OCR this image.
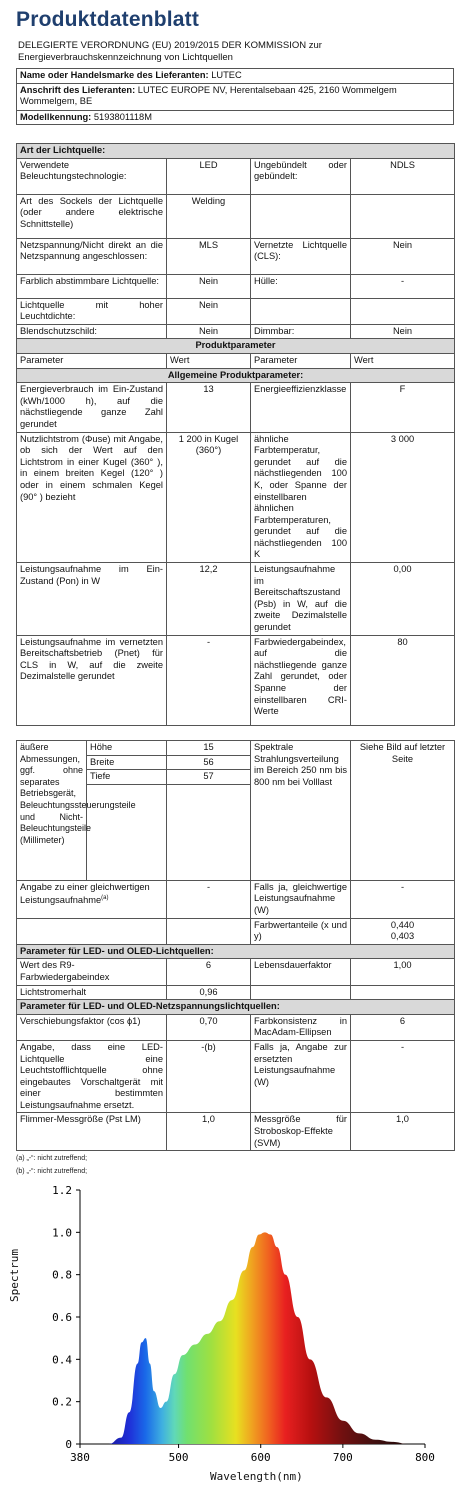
Produktdatenblatt
DELEGIERTE VERORDNUNG (EU) 2019/2015 DER KOMMISSION zur Energieverbrauchskennzeichnung von Lichtquellen
Name oder Handelsmarke des Lieferanten: LUTEC
Anschrift des Lieferanten: LUTEC EUROPE NV, Herentalsebaan 425, 2160 Wommelgem Wommelgem, BE
Modellkennung: 5193801118M
Art der Lichtquelle:			
Verwendete Beleuchtungstechnologie:	LED	Ungebündelt oder gebündelt:	NDLS
Art des Sockels der Lichtquelle (oder andere elektrische Schnittstelle)	Welding		
Netzspannung/Nicht direkt an die Netzspannung angeschlossen:	MLS	Vernetzte Lichtquelle (CLS):	Nein
Farblich abstimmbare Lichtquelle:	Nein	Hülle:	-
Lichtquelle mit hoher Leuchtdichte:	Nein		
Blendschutzschild:	Nein	Dimmbar:	Nein
Produktparameter			
Parameter	Wert	Parameter	Wert
Allgemeine Produktparameter:			
Energieverbrauch im Ein-Zustand (kWh/1000 h), auf die nächstliegende ganze Zahl gerundet	13	Energieeffizienzklasse	F
Nutzlichtstrom (Φuse) mit Angabe, ob sich der Wert auf den Lichtstrom in einer Kugel (360° ), in einem breiten Kegel (120° ) oder in einem schmalen Kegel (90° ) bezieht	1 200 in Kugel (360°)	ähnliche Farbtemperatur, gerundet auf die nächstliegenden 100 K, oder Spanne der einstellbaren ähnlichen Farbtemperaturen, gerundet auf die nächstliegenden 100 K	3 000
Leistungsaufnahme im Ein-Zustand (Pon) in W	12,2	Leistungsaufnahme im Bereitschaftszustand (Psb) in W, auf die zweite Dezimalstelle gerundet	0,00
Leistungsaufnahme im vernetzten Bereitschaftsbetrieb (Pnet) für CLS in W, auf die zweite Dezimalstelle gerundet	-	Farbwiedergabeindex, auf die nächstliegende ganze Zahl gerundet, oder Spanne der einstellbaren CRI-Werte	80
äußere Abmessungen, ggf. ohne separates Betriebsgerät, Beleuchtungssteuerungsteile und Nicht-Beleuchtungsteile (Millimeter)	Höhe	15	Spektrale Strahlungsverteilung im Bereich 250 nm bis 800 nm bei Volllast	Siehe Bild auf letzter Seite
	Breite	56		
	Tiefe	57		

Angabe zu einer gleichwertigen Leistungsaufnahme$^{(a)}$		-	Falls ja, gleichwertige Leistungsaufnahme (W)	-
			Farbwertanteile (x und y)	0,440
0,403

Parameter für LED- und OLED-Lichtquellen:				
Wert des R9-Farbwiedergabeindex		6	Lebensdauerfaktor	1,00
Lichtstromerhalt		0,96		
Parameter für LED- und OLED-Netzspannungslichtquellen:				
Verschiebungsfaktor (cos ϕ1)		0,70	Farbkonsistenz in MacAdam-Ellipsen	6
Angabe, dass eine LED-Lichtquelle eine Leuchtstofflichtquelle ohne eingebautes Vorschaltgerät mit einer bestimmten Leistungsaufnahme ersetzt.		-(b)	Falls ja, Angabe zur ersetzten Leistungsaufnahme (W)	-
Flimmer-Messgröße (Pst LM)		1,0	Messgröße für Stroboskop-Effekte (SVM)	1,0
(a) „-“: nicht zutreffend;
(b) „-“: nicht zutreffend;
0
0.2
0.4
0.6
0.8
1.0
1.2
380	500	600	700	800
Spectrum
Wavelength(nm)
